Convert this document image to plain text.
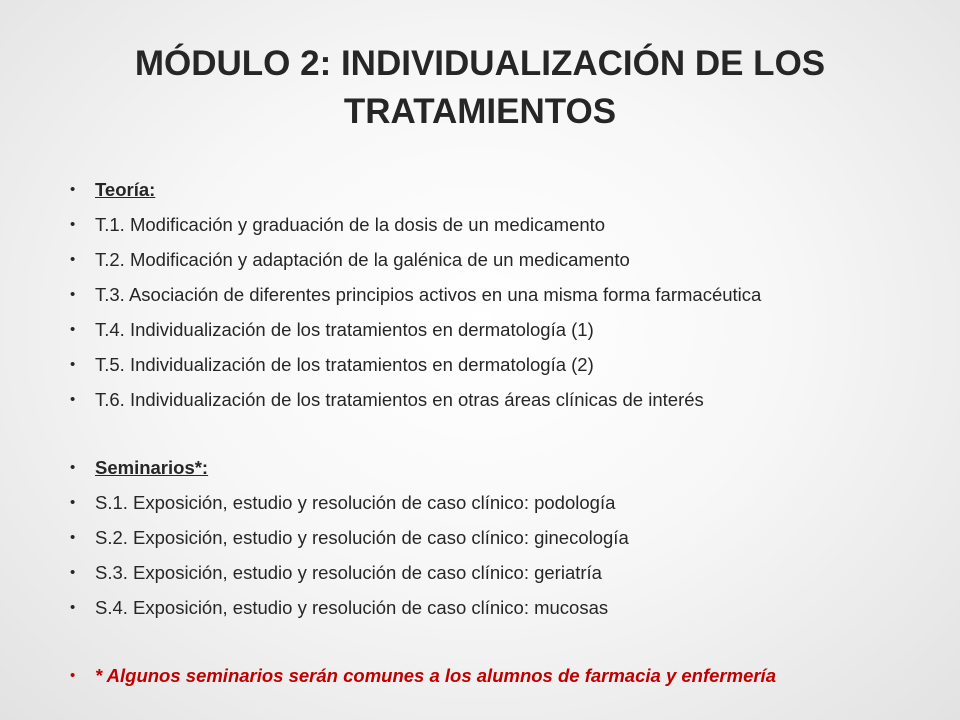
MÓDULO 2: INDIVIDUALIZACIÓN DE LOS
TRATAMIENTOS
• Teoría:
• T.1. Modificación y graduación de la dosis de un medicamento
• T.2. Modificación y adaptación de la galénica de un medicamento
• T.3. Asociación de diferentes principios activos en una misma forma farmacéutica
• T.4. Individualización de los tratamientos en dermatología (1)
• T.5. Individualización de los tratamientos en dermatología (2)
• T.6. Individualización de los tratamientos en otras áreas clínicas de interés
• Seminarios*:
• S.1. Exposición, estudio y resolución de caso clínico: podología
• S.2. Exposición, estudio y resolución de caso clínico: ginecología
• S.3. Exposición, estudio y resolución de caso clínico: geriatría
• S.4. Exposición, estudio y resolución de caso clínico: mucosas
• * Algunos seminarios serán comunes a los alumnos de farmacia y enfermería
